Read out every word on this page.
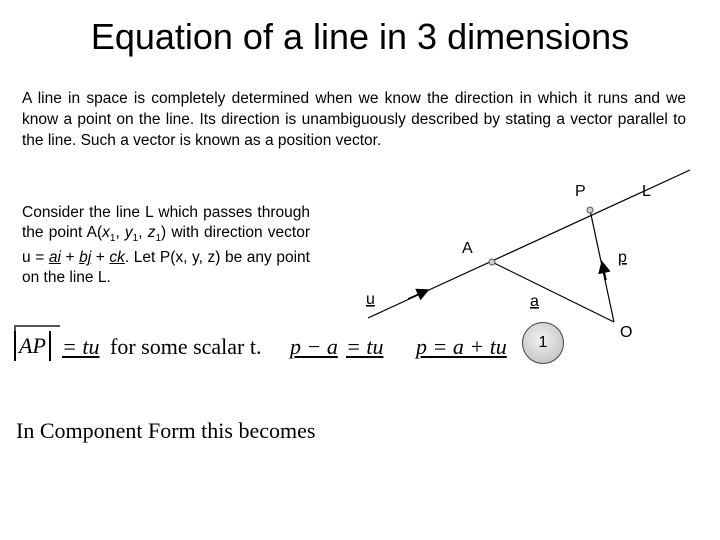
Equation of a line in 3 dimensions
A line in space is completely determined when we know the direction in which it runs and we know a point on the line. Its direction is unambiguously described by stating a vector parallel to the line. Such a vector is known as a position vector.
Consider the line L which passes through the point $A(x_1$, $y_1$, $z_1$) with direction vector u = ai + bj + ck. Let P(x, y, z) be any point on the line L.
AP = tu for some scalar t. p − a = tu p = a + tu
In Component Form this becomes
P	L
A
p
u	a
O
1
